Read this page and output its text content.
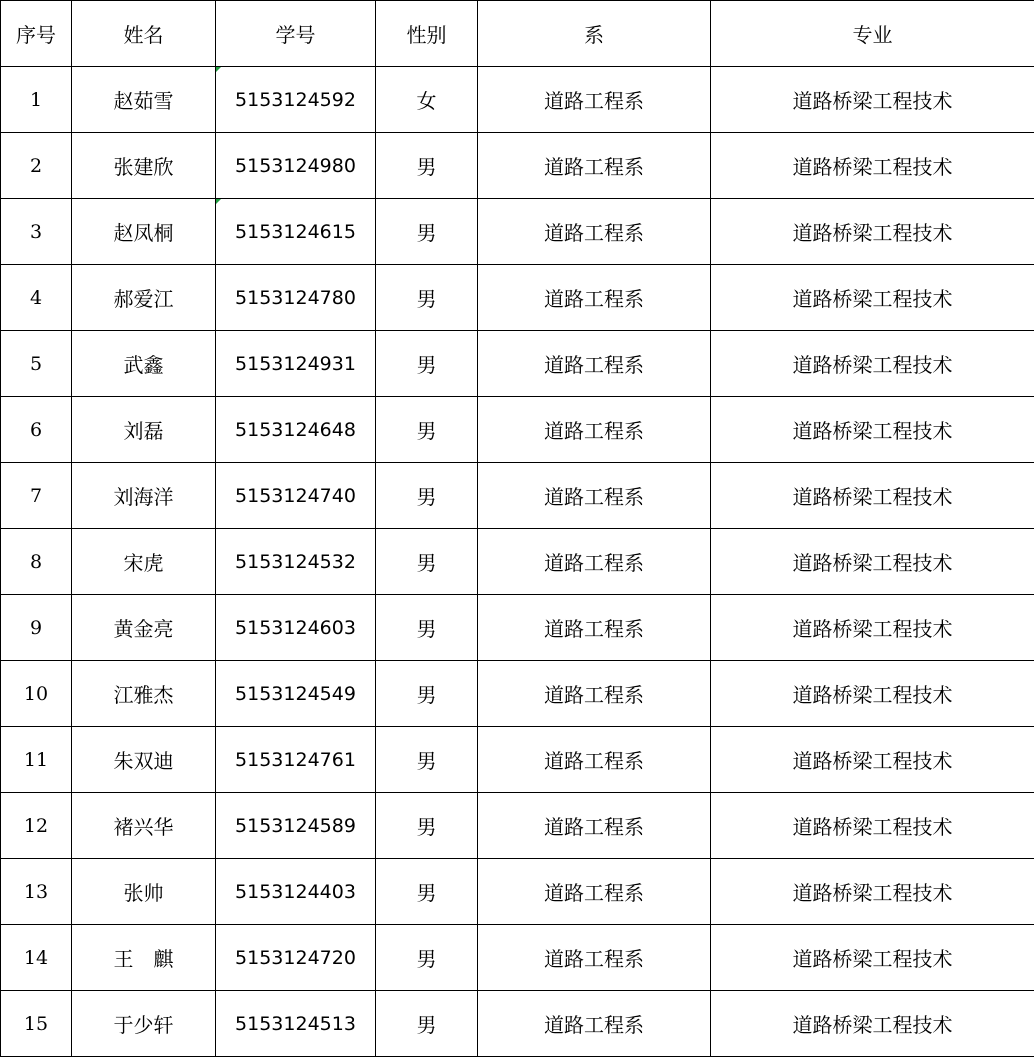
序号	姓名	学号	性别	系	专业
1	赵茹雪	5153124592	女	道路工程系	道路桥梁工程技术
2	张建欣	5153124980	男	道路工程系	道路桥梁工程技术
3	赵凤桐	5153124615	男	道路工程系	道路桥梁工程技术
4	郝爱江	5153124780	男	道路工程系	道路桥梁工程技术
5	武鑫	5153124931	男	道路工程系	道路桥梁工程技术
6	刘磊	5153124648	男	道路工程系	道路桥梁工程技术
7	刘海洋	5153124740	男	道路工程系	道路桥梁工程技术
8	宋虎	5153124532	男	道路工程系	道路桥梁工程技术
9	黄金亮	5153124603	男	道路工程系	道路桥梁工程技术
10	江雅杰	5153124549	男	道路工程系	道路桥梁工程技术
11	朱双迪	5153124761	男	道路工程系	道路桥梁工程技术
12	褚兴华	5153124589	男	道路工程系	道路桥梁工程技术
13	张帅	5153124403	男	道路工程系	道路桥梁工程技术
14	王　麒	5153124720	男	道路工程系	道路桥梁工程技术
15	于少轩	5153124513	男	道路工程系	道路桥梁工程技术
